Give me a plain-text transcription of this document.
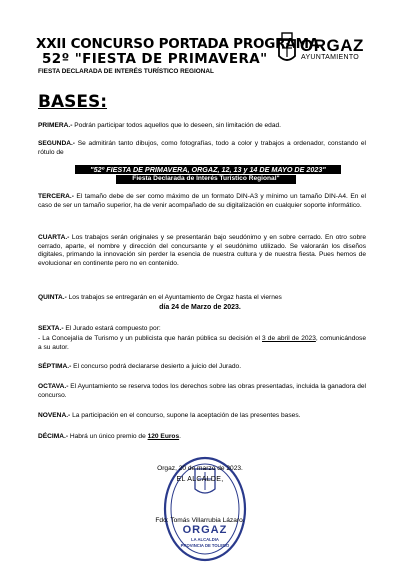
XXII CONCURSO PORTADA PROGRAMA
52º "FIESTA DE PRIMAVERA"
FIESTA DECLARADA DE INTERÉS TURÍSTICO REGIONAL
ORGAZ
AYUNTAMIENTO
BASES:
PRIMERA.- Podrán participar todos aquellos que lo deseen, sin limitación de edad.
SEGUNDA.- Se admitirán tanto dibujos, como fotografías, todo a color y trabajos a ordenador, constando el rótulo de
"52º FIESTA DE PRIMAVERA, ORGAZ, 12, 13 y 14 DE MAYO DE 2023"
Fiesta Declarada de Interés Turístico Regional"
TERCERA.- El tamaño debe de ser como máximo de un formato DIN-A3 y mínimo un tamaño DIN-A4. En el caso de ser un tamaño superior, ha de venir acompañado de su digitalización en cualquier soporte informático.
CUARTA.- Los trabajos serán originales y se presentarán bajo seudónimo y en sobre cerrado. En otro sobre cerrado, aparte, el nombre y dirección del concursante y el seudónimo utilizado. Se valorarán los diseños digitales, primando la innovación sin perder la esencia de nuestra cultura y de nuestra fiesta. Pues hemos de evolucionar en continente pero no en contenido.
QUINTA.- Los trabajos se entregarán en el Ayuntamiento de Orgaz hasta el viernes
día 24 de Marzo de 2023.
SEXTA.- El Jurado estará compuesto por:
- La Concejalía de Turismo y un publicista que harán pública su decisión el 3 de abril de 2023, comunicándose a su autor.
SÉPTIMA.- El concurso podrá declararse desierto a juicio del Jurado.
OCTAVA.- El Ayuntamiento se reserva todos los derechos sobre las obras presentadas, incluida la ganadora del concurso.
NOVENA.- La participación en el concurso, supone la aceptación de las presentes bases.
DÉCIMA.- Habrá un único premio de 120 Euros.
ORGAZ
LA ALCALDIA
PROVINCIA DE TOLEDO
Orgaz, 20 de marzo de 2023.
EL ALCALDE,
Fdo: Tomás Villarrubia Lázaro.
